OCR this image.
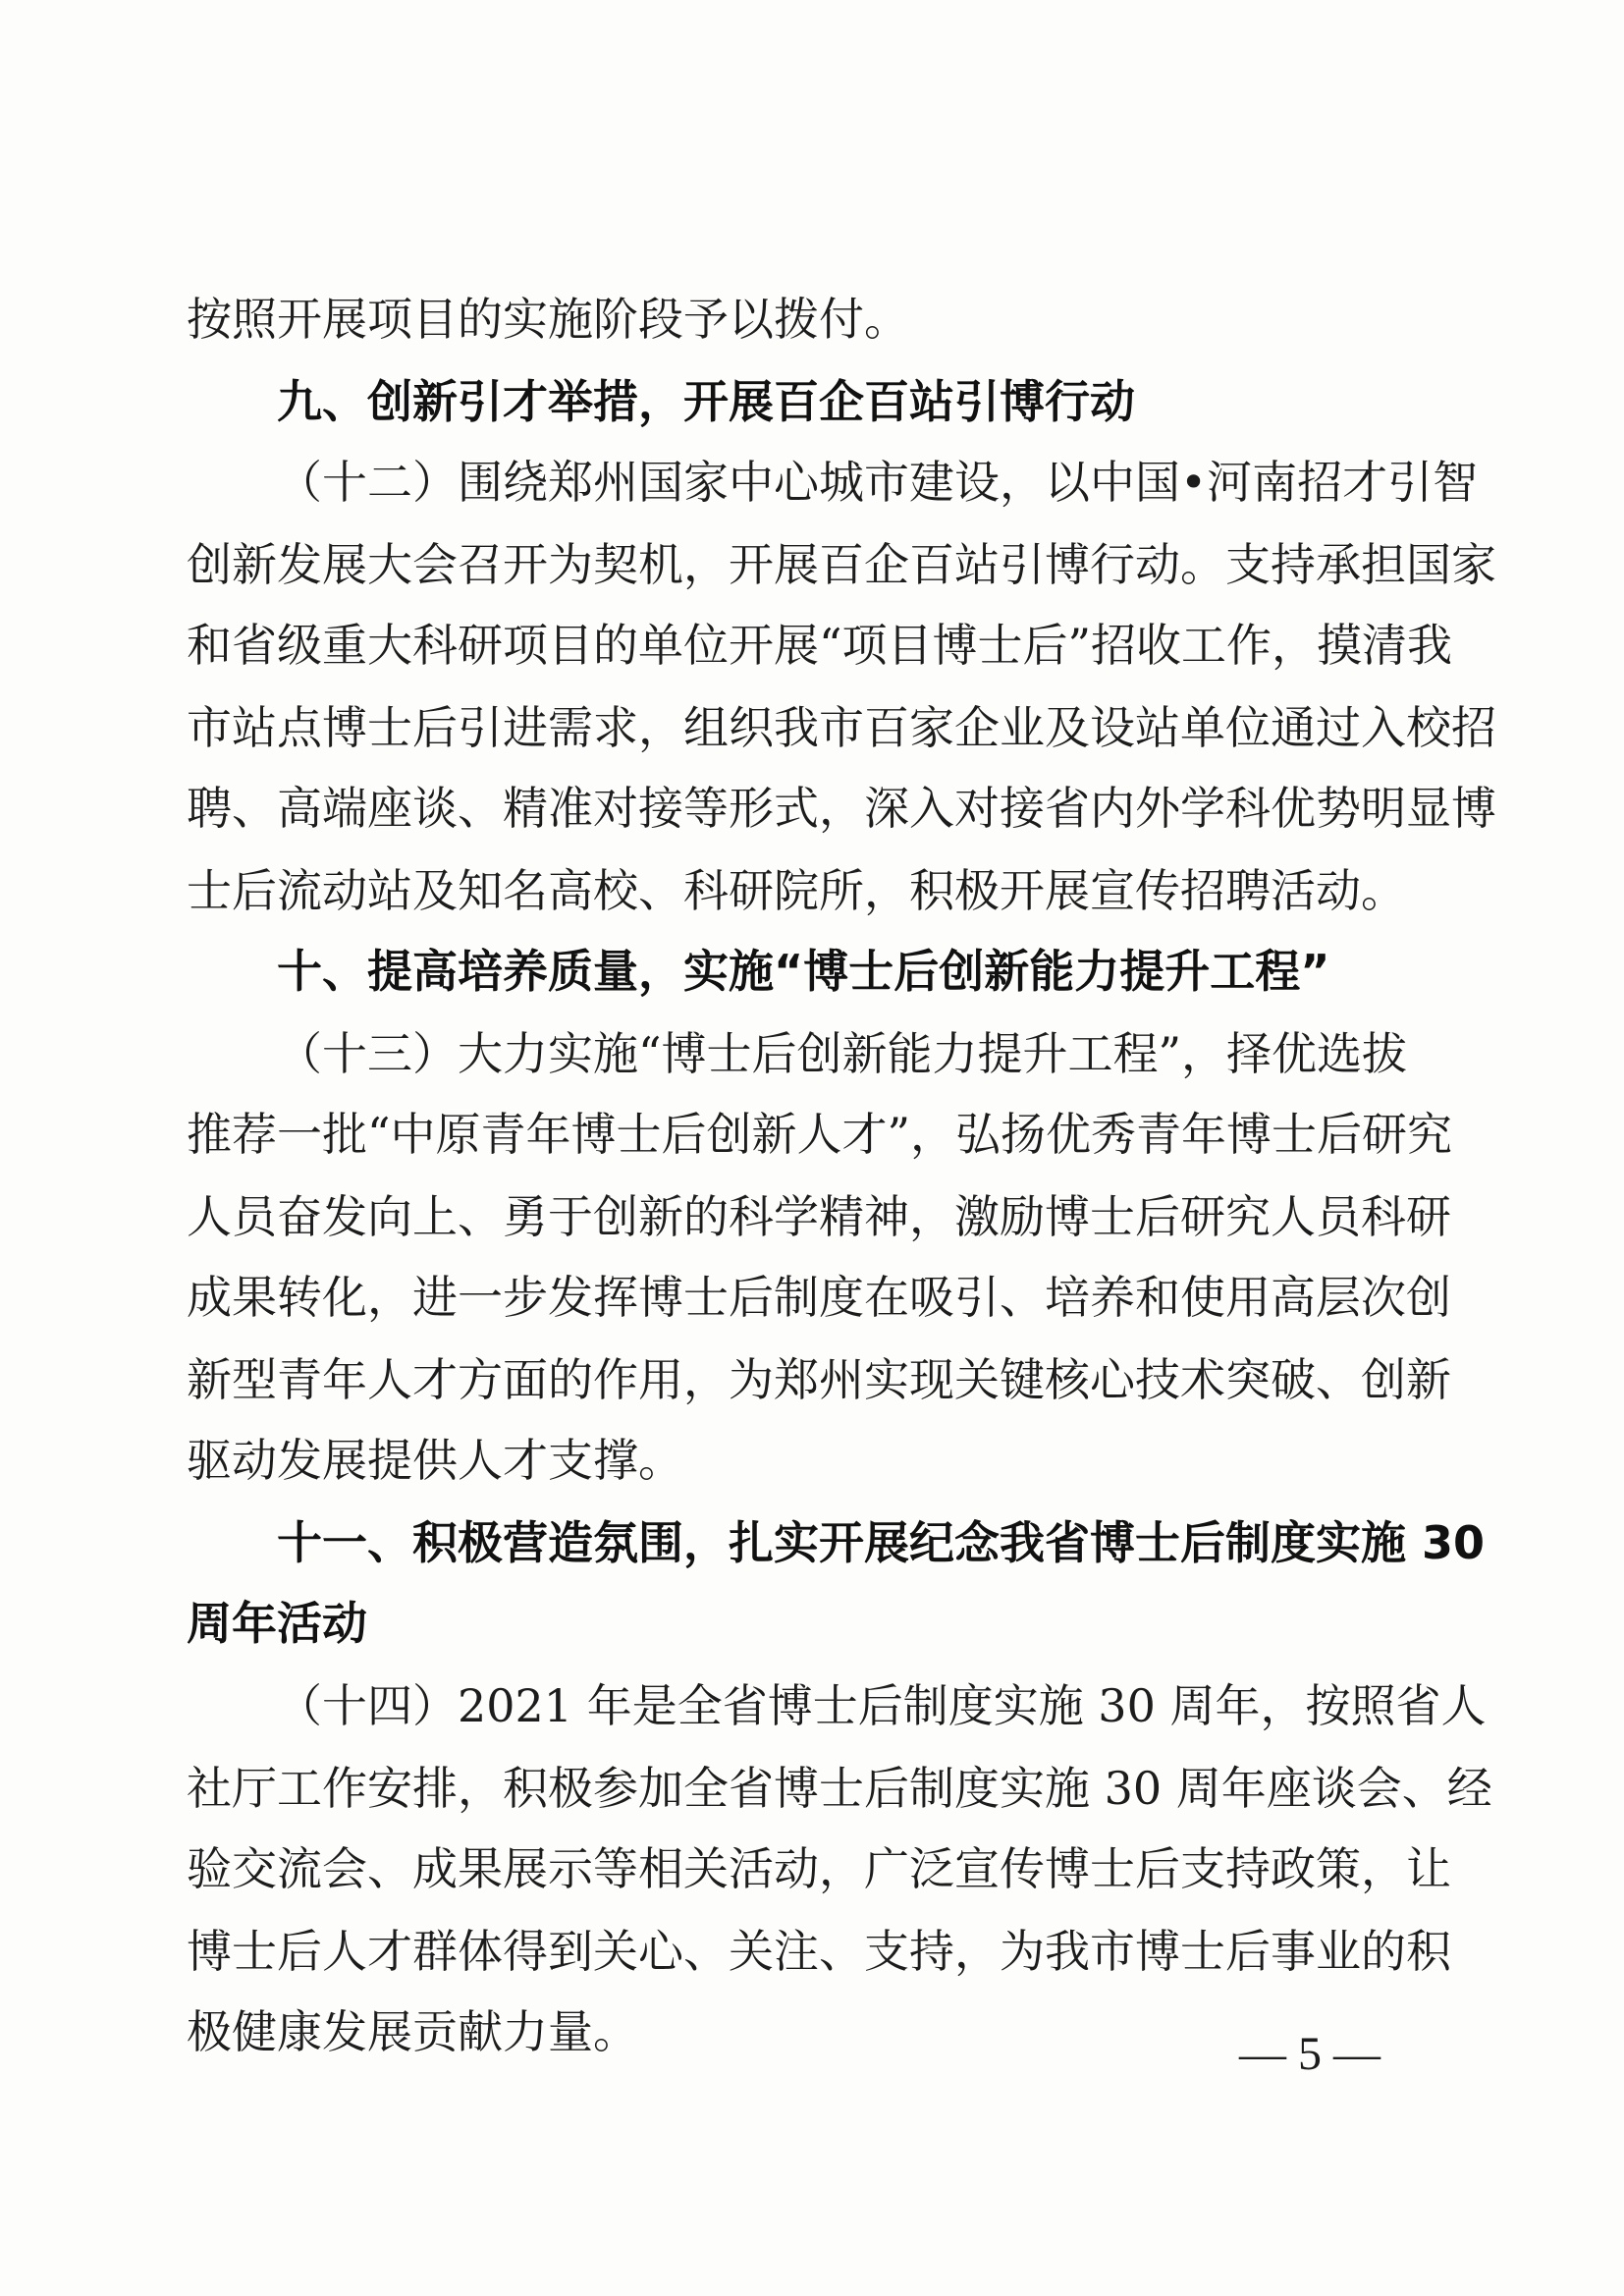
按照开展项目的实施阶段予以拨付。
九、创新引才举措，开展百企百站引博行动
（十二）围绕郑州国家中心城市建设，以中国•河南招才引智
创新发展大会召开为契机，开展百企百站引博行动。支持承担国家
和省级重大科研项目的单位开展“项目博士后”招收工作，摸清我
市站点博士后引进需求，组织我市百家企业及设站单位通过入校招
聘、高端座谈、精准对接等形式，深入对接省内外学科优势明显博
士后流动站及知名高校、科研院所，积极开展宣传招聘活动。
十、提高培养质量，实施“博士后创新能力提升工程”
（十三）大力实施“博士后创新能力提升工程”，择优选拔
推荐一批“中原青年博士后创新人才”，弘扬优秀青年博士后研究
人员奋发向上、勇于创新的科学精神，激励博士后研究人员科研
成果转化，进一步发挥博士后制度在吸引、培养和使用高层次创
新型青年人才方面的作用，为郑州实现关键核心技术突破、创新
驱动发展提供人才支撑。
十一、积极营造氛围，扎实开展纪念我省博士后制度实施 30
周年活动
（十四）2021 年是全省博士后制度实施 30 周年，按照省人
社厅工作安排，积极参加全省博士后制度实施 30 周年座谈会、经
验交流会、成果展示等相关活动，广泛宣传博士后支持政策，让
博士后人才群体得到关心、关注、支持，为我市博士后事业的积
极健康发展贡献力量。	— 5 —
